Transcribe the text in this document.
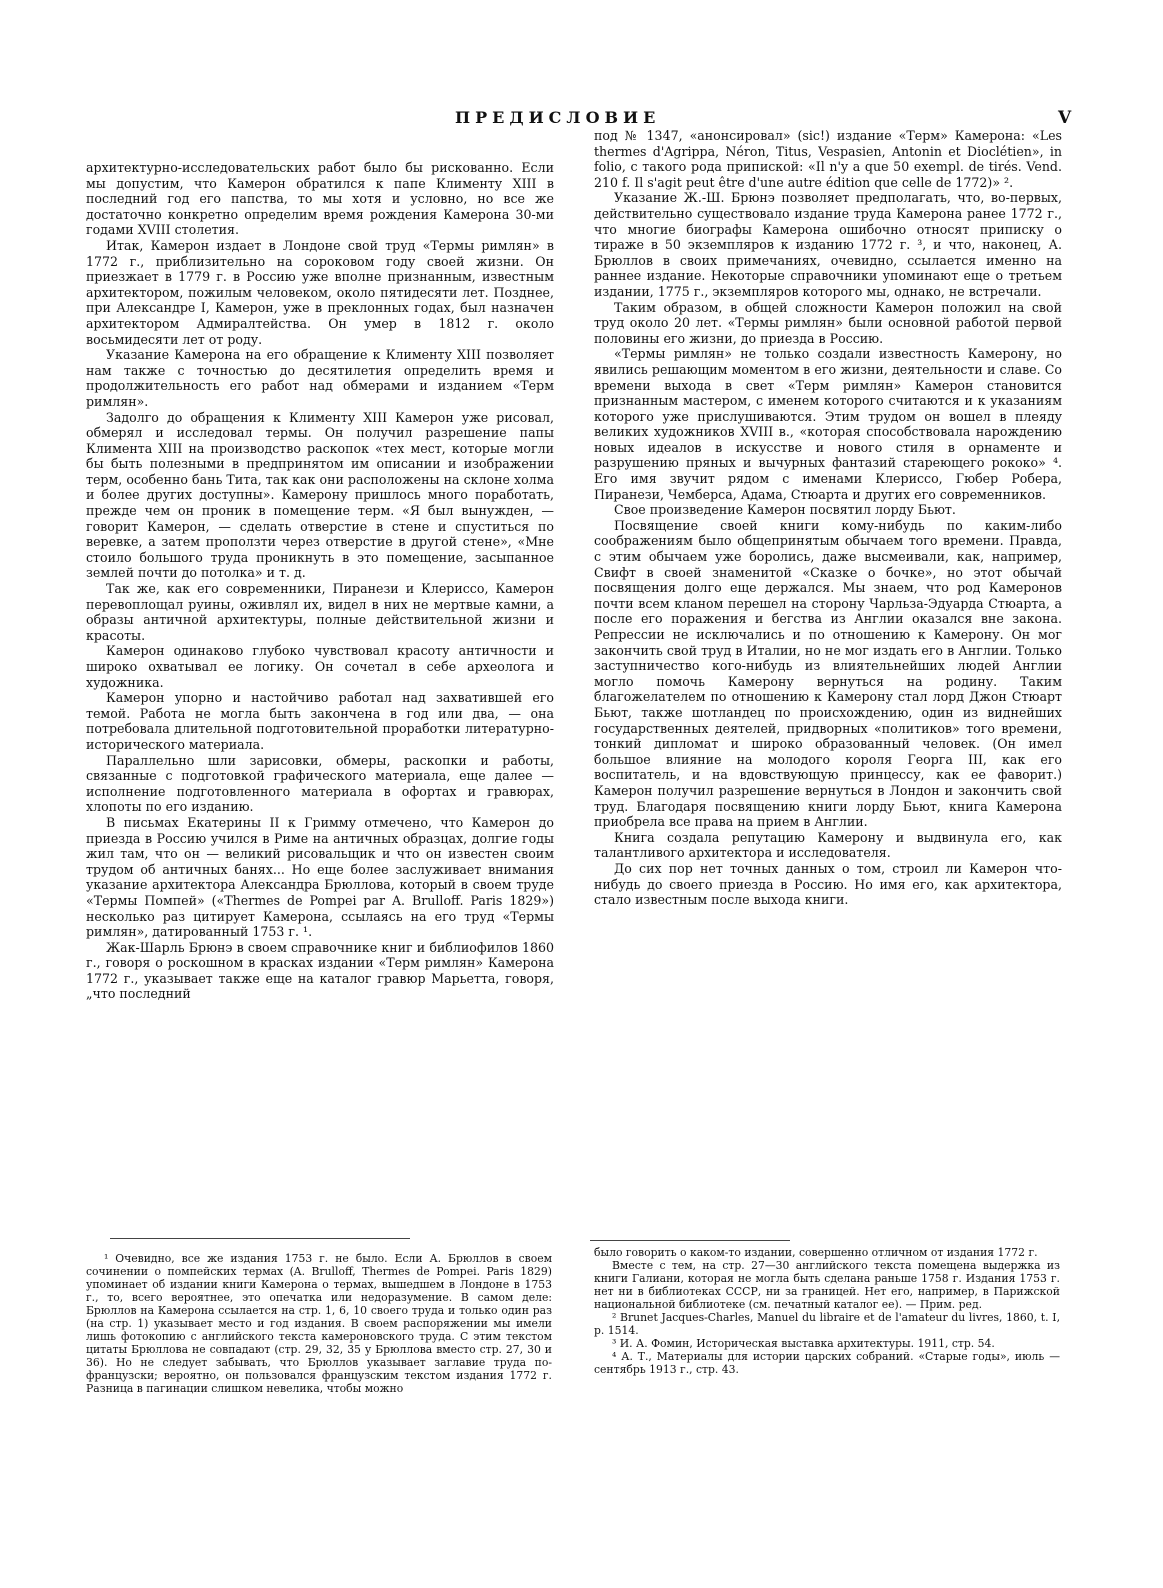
ПРЕДИСЛОВИЕ	V

архитектурно-исследовательских работ было бы рискованно. Если мы допустим, что Камерон обратился к папе Клименту XIII в последний год его папства, то мы хотя и условно, но все же достаточно конкретно определим время рождения Камерона 30-ми годами XVIII столетия.

Итак, Камерон издает в Лондоне свой труд «Термы римлян» в 1772 г., приблизительно на сороковом году своей жизни. Он приезжает в 1779 г. в Россию уже вполне признанным, известным архитектором, пожилым человеком, около пятидесяти лет. Позднее, при Александре I, Камерон, уже в преклонных годах, был назначен архитектором Адмиралтейства. Он умер в 1812 г. около восьмидесяти лет от роду.

Указание Камерона на его обращение к Клименту XIII позволяет нам также с точностью до десятилетия определить время и продолжительность его работ над обмерами и изданием «Терм римлян».

Задолго до обращения к Клименту XIII Камерон уже рисовал, обмерял и исследовал термы. Он получил разрешение папы Климента XIII на производство раскопок «тех мест, которые могли бы быть полезными в предпринятом им описании и изображении терм, особенно бань Тита, так как они расположены на склоне холма и более других доступны». Камерону пришлось много поработать, прежде чем он проник в помещение терм. «Я был вынужден, — говорит Камерон, — сделать отверстие в стене и спуститься по веревке, а затем проползти через отверстие в другой стене», «Мне стоило большого труда проникнуть в это помещение, засыпанное землей почти до потолка» и т. д.

Так же, как его современники, Пиранези и Клериссо, Камерон перевоплощал руины, оживлял их, видел в них не мертвые камни, а образы античной архитектуры, полные действительной жизни и красоты.

Камерон одинаково глубоко чувствовал красоту античности и широко охватывал ее логику. Он сочетал в себе археолога и художника.

Камерон упорно и настойчиво работал над захватившей его темой. Работа не могла быть закончена в год или два, — она потребовала длительной подготовительной проработки литературно-исторического материала.

Параллельно шли зарисовки, обмеры, раскопки и работы, связанные с подготовкой графического материала, еще далее — исполнение подготовленного материала в офортах и гравюрах, хлопоты по его изданию.

В письмах Екатерины II к Гримму отмечено, что Камерон до приезда в Россию учился в Риме на античных образцах, долгие годы жил там, что он — великий рисовальщик и что он известен своим трудом об античных банях... Но еще более заслуживает внимания указание архитектора Александра Брюллова, который в своем труде «Термы Помпей» («Thermes de Pompei par A. Brulloff. Paris 1829») несколько раз цитирует Камерона, ссылаясь на его труд «Термы римлян», датированный 1753 г. ¹.

Жак-Шарль Брюнэ в своем справочнике книг и библиофилов 1860 г., говоря о роскошном в красках издании «Терм римлян» Камерона 1772 г., указывает также еще на каталог гравюр Марьетта, говоря, „что последний

под № 1347, «анонсировал» (sic!) издание «Терм» Камерона: «Les thermes d'Agrippa, Néron, Titus, Vespasien, Antonin et Dioclétien», in folio, с такого рода припиской: «Il n'y a que 50 exempl. de tirés. Vend. 210 f. Il s'agit peut être d'une autre édition que celle de 1772)» ².

Указание Ж.-Ш. Брюнэ позволяет предполагать, что, во-первых, действительно существовало издание труда Камерона ранее 1772 г., что многие биографы Камерона ошибочно относят приписку о тираже в 50 экземпляров к изданию 1772 г. ³, и что, наконец, А. Брюллов в своих примечаниях, очевидно, ссылается именно на раннее издание. Некоторые справочники упоминают еще о третьем издании, 1775 г., экземпляров которого мы, однако, не встречали.

Таким образом, в общей сложности Камерон положил на свой труд около 20 лет. «Термы римлян» были основной работой первой половины его жизни, до приезда в Россию.

«Термы римлян» не только создали известность Камерону, но явились решающим моментом в его жизни, деятельности и славе. Со времени выхода в свет «Терм римлян» Камерон становится признанным мастером, с именем которого считаются и к указаниям которого уже прислушиваются. Этим трудом он вошел в плеяду великих художников XVIII в., «которая способствовала нарождению новых идеалов в искусстве и нового стиля в орнаменте и разрушению пряных и вычурных фантазий стареющего рококо» ⁴. Его имя звучит рядом с именами Клериссо, Гюбер Робера, Пиранези, Чемберса, Адама, Стюарта и других его современников.

Свое произведение Камерон посвятил лорду Бьют.

Посвящение своей книги кому-нибудь по каким-либо соображениям было общепринятым обычаем того времени. Правда, с этим обычаем уже боролись, даже высмеивали, как, например, Свифт в своей знаменитой «Сказке о бочке», но этот обычай посвящения долго еще держался. Мы знаем, что род Камеронов почти всем кланом перешел на сторону Чарльза-Эдуарда Стюарта, а после его поражения и бегства из Англии оказался вне закона. Репрессии не исключались и по отношению к Камерону. Он мог закончить свой труд в Италии, но не мог издать его в Англии. Только заступничество кого-нибудь из влиятельнейших людей Англии могло помочь Камерону вернуться на родину. Таким благожелателем по отношению к Камерону стал лорд Джон Стюарт Бьют, также шотландец по происхождению, один из виднейших государственных деятелей, придворных «политиков» того времени, тонкий дипломат и широко образованный человек. (Он имел большое влияние на молодого короля Георга III, как его воспитатель, и на вдовствующую принцессу, как ее фаворит.) Камерон получил разрешение вернуться в Лондон и закончить свой труд. Благодаря посвящению книги лорду Бьют, книга Камерона приобрела все права на прием в Англии.

Книга создала репутацию Камерону и выдвинула его, как талантливого архитектора и исследователя.

До сих пор нет точных данных о том, строил ли Камерон что-нибудь до своего приезда в Россию. Но имя его, как архитектора, стало известным после выхода книги.

¹ Очевидно, все же издания 1753 г. не было. Если А. Брюллов в своем сочинении о помпейских термах (A. Brulloff, Thermes de Pompei. Paris 1829) упоминает об издании книги Камерона о термах, вышедшем в Лондоне в 1753 г., то, всего вероятнее, это опечатка или недоразумение. В самом деле: Брюллов на Камерона ссылается на стр. 1, 6, 10 своего труда и только один раз (на стр. 1) указывает место и год издания. В своем распоряжении мы имели лишь фотокопию с английского текста камероновского труда. С этим текстом цитаты Брюллова не совпадают (стр. 29, 32, 35 у Брюллова вместо стр. 27, 30 и 36). Но не следует забывать, что Брюллов указывает заглавие труда по-французски; вероятно, он пользовался французским текстом издания 1772 г. Разница в пагинации слишком невелика, чтобы можно

было говорить о каком-то издании, совершенно отличном от издания 1772 г.

Вместе с тем, на стр. 27—30 английского текста помещена выдержка из книги Галиани, которая не могла быть сделана раньше 1758 г. Издания 1753 г. нет ни в библиотеках СССР, ни за границей. Нет его, например, в Парижской национальной библиотеке (см. печатный каталог ее). — Прим. ред.

² Brunet Jacques-Charles, Manuel du libraire et de l'amateur du livres, 1860, t. I, p. 1514.

³ И. А. Фомин, Историческая выставка архитектуры. 1911, стр. 54.

⁴ А. Т., Материалы для истории царских собраний. «Старые годы», июль — сентябрь 1913 г., стр. 43.
